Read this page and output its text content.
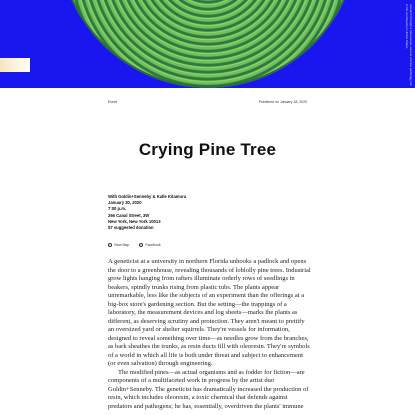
research through a microscope used at a forest pathology lab in the southeastern United States
Event	Published on January 18, 2020
Crying Pine Tree
With Goldin+Senneby & Kalle Kitamura
January 30, 2020
7:00 p.m.
266 Canal Street, 3W
New York, New York 10013
$7 suggested donation
View Map	Facebook

A geneticist at a university in northern Florida unhooks a padlock and opens the door to a greenhouse, revealing thousands of loblolly pine trees. Industrial grow lights hanging from rafters illuminate orderly rows of seedlings in beakers, spindly trunks rising from plastic tubs. The plants appear unremarkable, less like the subjects of an experiment than the offerings at a big-box store's gardening section. But the setting—the trappings of a laboratory, the measurement devices and log sheets—marks the plants as different, as deserving scrutiny and protection. They aren't meant to prettify an oversized yard or shelter squirrels. They're vessels for information, designed to reveal something over time—as needles grow from the branches, as bark sheathes the trunks, as resin ducts fill with oleoresin. They're symbols of a world in which all life is both under threat and subject to enhancement (or even salvation) through engineering.

The modified pines—as actual organisms and as fodder for fiction—are components of a multifaceted work in progress by the artist duo Goldin+Senneby. The geneticist has dramatically increased the production of resin, which includes oleoresin, a toxic chemical that defends against predators and pathogens; he has, essentially, overdriven the plants' immune
